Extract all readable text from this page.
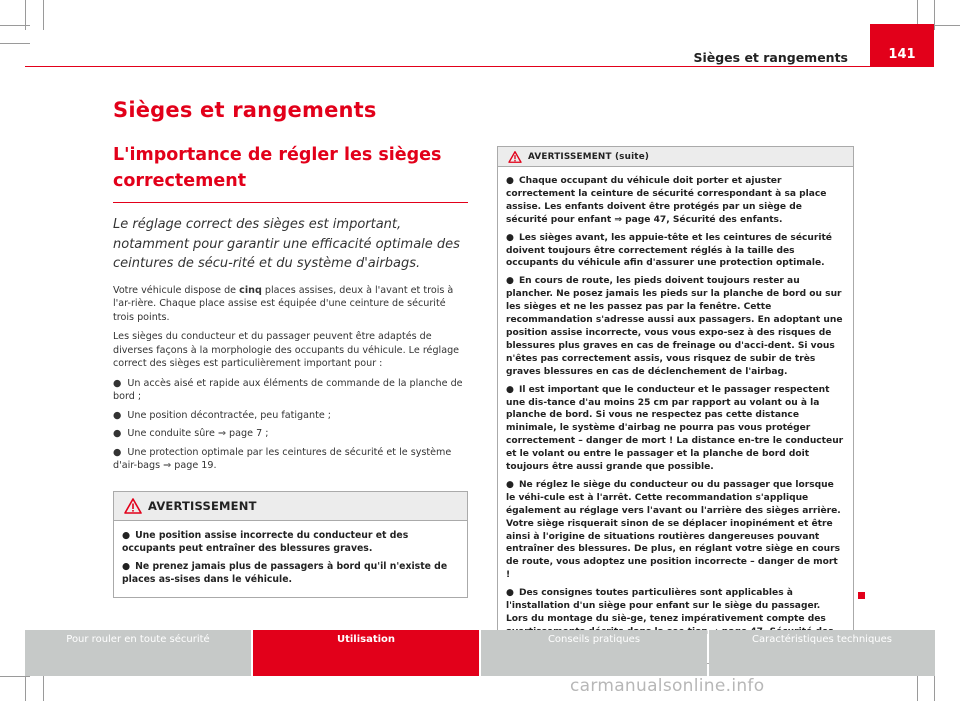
Sièges et rangements	141
Sièges et rangements
L'importance de régler les sièges correctement

Le réglage correct des sièges est important, notamment pour garantir une efficacité optimale des ceintures de sécu-rité et du système d'airbags.

Votre véhicule dispose de cinq places assises, deux à l'avant et trois à l'ar-rière. Chaque place assise est équipée d'une ceinture de sécurité trois points.

Les sièges du conducteur et du passager peuvent être adaptés de diverses façons à la morphologie des occupants du véhicule. Le réglage correct des sièges est particulièrement important pour :

● Un accès aisé et rapide aux éléments de commande de la planche de bord ;
● Une position décontractée, peu fatigante ;
● Une conduite sûre ⇒ page 7 ;
● Une protection optimale par les ceintures de sécurité et le système d'air-bags ⇒ page 19.
AVERTISSEMENT

● Une position assise incorrecte du conducteur et des occupants peut entraîner des blessures graves.

● Ne prenez jamais plus de passagers à bord qu'il n'existe de places as-sises dans le véhicule.

AVERTISSEMENT (suite)

● Chaque occupant du véhicule doit porter et ajuster correctement la ceinture de sécurité correspondant à sa place assise. Les enfants doivent être protégés par un siège de sécurité pour enfant ⇒ page 47, Sécurité des enfants.

● Les sièges avant, les appuie-tête et les ceintures de sécurité doivent toujours être correctement réglés à la taille des occupants du véhicule afin d'assurer une protection optimale.

● En cours de route, les pieds doivent toujours rester au plancher. Ne posez jamais les pieds sur la planche de bord ou sur les sièges et ne les passez pas par la fenêtre. Cette recommandation s'adresse aussi aux passagers. En adoptant une position assise incorrecte, vous vous expo-sez à des risques de blessures plus graves en cas de freinage ou d'acci-dent. Si vous n'êtes pas correctement assis, vous risquez de subir de très graves blessures en cas de déclenchement de l'airbag.

● Il est important que le conducteur et le passager respectent une dis-tance d'au moins 25 cm par rapport au volant ou à la planche de bord. Si vous ne respectez pas cette distance minimale, le système d'airbag ne pourra pas vous protéger correctement – danger de mort ! La distance en-tre le conducteur et le volant ou entre le passager et la planche de bord doit toujours être aussi grande que possible.

● Ne réglez le siège du conducteur ou du passager que lorsque le véhi-cule est à l'arrêt. Cette recommandation s'applique également au réglage vers l'avant ou l'arrière des sièges arrière. Votre siège risquerait sinon de se déplacer inopinément et être ainsi à l'origine de situations routières dangereuses pouvant entraîner des blessures. De plus, en réglant votre siège en cours de route, vous adoptez une position incorrecte – danger de mort !

● Des consignes toutes particulières sont applicables à l'installation d'un siège pour enfant sur le siège du passager. Lors du montage du siè-ge, tenez impérativement compte des

Pour rouler en toute sécurité	Utilisation	Conseils pratiques	Caractéristiques techniques
carmanualsonline.info
